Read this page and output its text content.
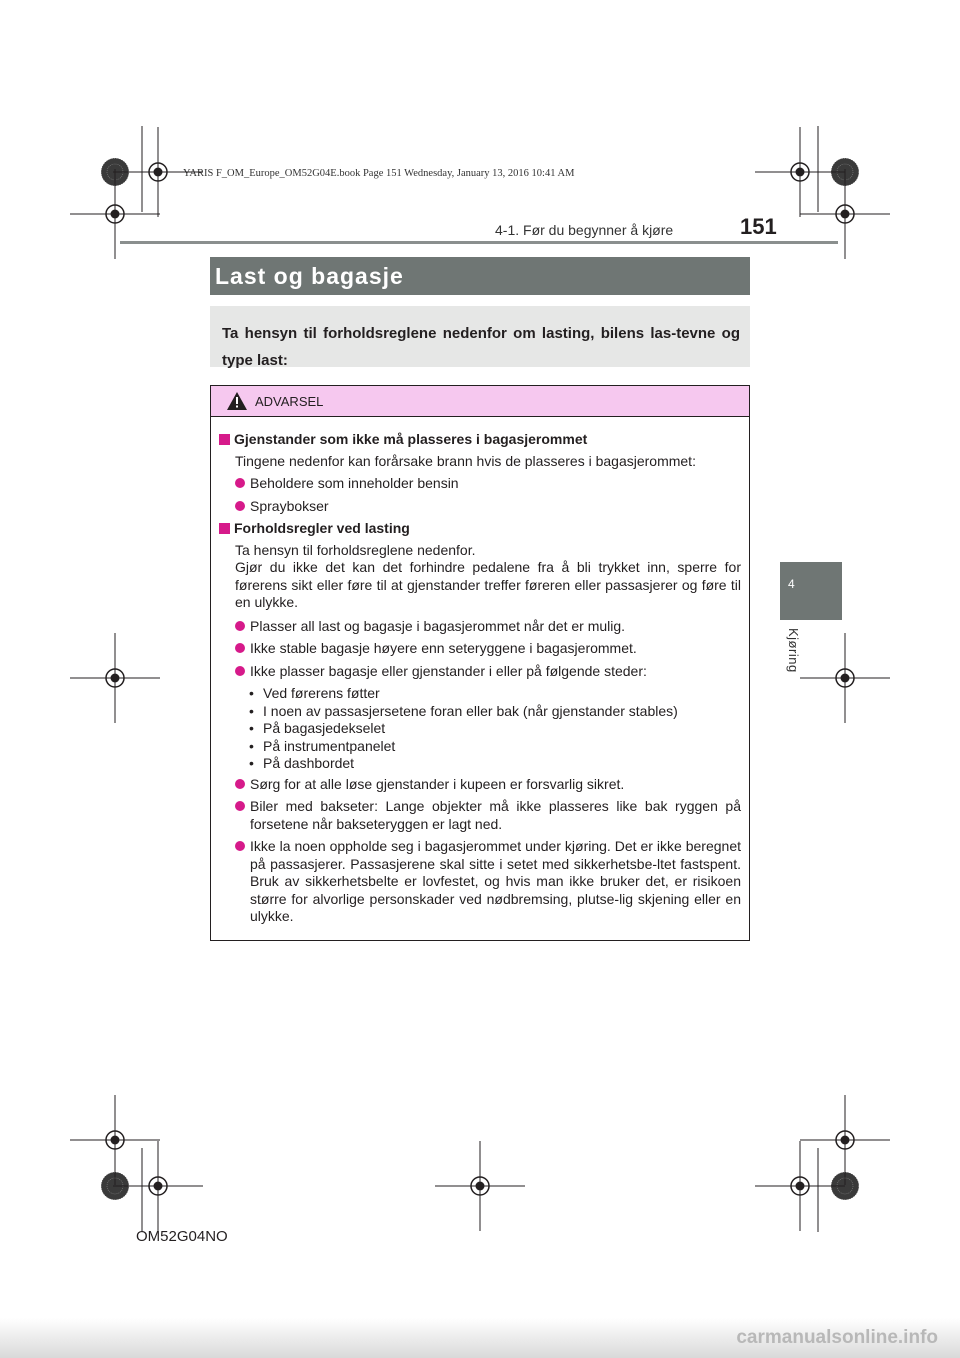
YARIS F_OM_Europe_OM52G04E.book Page 151 Wednesday, January 13, 2016 10:41 AM
4-1. Før du begynner å kjøre	151
4
Kjøring
Last og bagasje
Ta hensyn til forholdsreglene nedenfor om lasting, bilens las-tevne og type last:
ADVARSEL
Gjenstander som ikke må plasseres i bagasjerommet
Tingene nedenfor kan forårsake brann hvis de plasseres i bagasjerommet:
Beholdere som inneholder bensin
Spraybokser
Forholdsregler ved lasting
Ta hensyn til forholdsreglene nedenfor.
Gjør du ikke det kan det forhindre pedalene fra å bli trykket inn, sperre for førerens sikt eller føre til at gjenstander treffer føreren eller passasjerer og føre til en ulykke.
Plasser all last og bagasje i bagasjerommet når det er mulig.
Ikke stable bagasje høyere enn seteryggene i bagasjerommet.
Ikke plasser bagasje eller gjenstander i eller på følgende steder:
• Ved førerens føtter
• I noen av passasjersetene foran eller bak (når gjenstander stables)
• På bagasjedekselet
• På instrumentpanelet
• På dashbordet
Sørg for at alle løse gjenstander i kupeen er forsvarlig sikret.
Biler med bakseter: Lange objekter må ikke plasseres like bak ryggen på forsetene når bakseteryggen er lagt ned.
Ikke la noen oppholde seg i bagasjerommet under kjøring. Det er ikke beregnet på passasjerer. Passasjerene skal sitte i setet med sikkerhetsbe-ltet fastspent. Bruk av sikkerhetsbelte er lovfestet, og hvis man ikke bruker det, er risikoen større for alvorlige personskader ved nødbremsing, plutse-lig skjening eller en ulykke.
OM52G04NO
carmanualsonline.info
